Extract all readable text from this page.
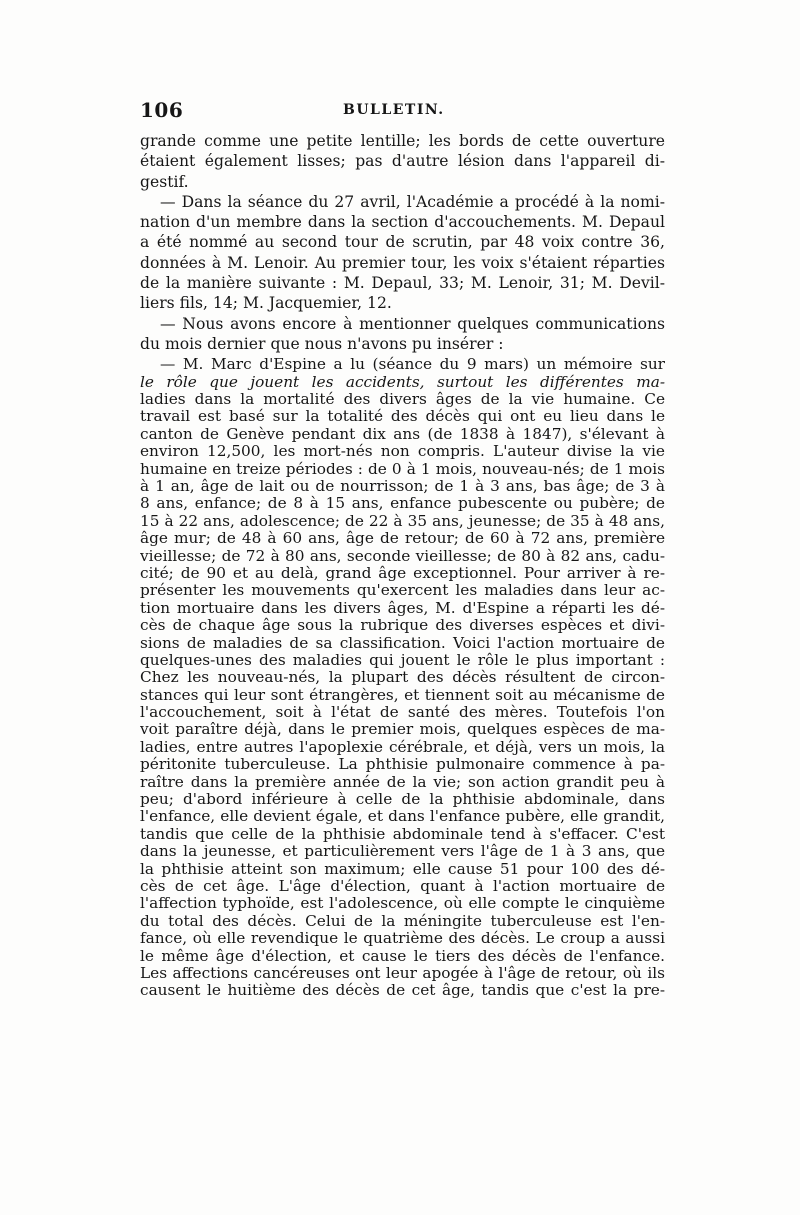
106	BULLETIN.
grande comme une petite lentille; les bords de cette ouverture
étaient également lisses; pas d'autre lésion dans l'appareil di-
gestif.
— Dans la séance du 27 avril, l'Académie a procédé à la nomi-
nation d'un membre dans la section d'accouchements. M. Depaul
a été nommé au second tour de scrutin, par 48 voix contre 36,
données à M. Lenoir. Au premier tour, les voix s'étaient réparties
de la manière suivante : M. Depaul, 33; M. Lenoir, 31; M. Devil-
liers fils, 14; M. Jacquemier, 12.
— Nous avons encore à mentionner quelques communications
du mois dernier que nous n'avons pu insérer :
— M. Marc d'Espine a lu (séance du 9 mars) un mémoire sur
le rôle que jouent les accidents, surtout les différentes ma-
ladies dans la mortalité des divers âges de la vie humaine. Ce
travail est basé sur la totalité des décès qui ont eu lieu dans le
canton de Genève pendant dix ans (de 1838 à 1847), s'élevant à
environ 12,500, les mort-nés non compris. L'auteur divise la vie
humaine en treize périodes : de 0 à 1 mois, nouveau-nés; de 1 mois
à 1 an, âge de lait ou de nourrisson; de 1 à 3 ans, bas âge; de 3 à
8 ans, enfance; de 8 à 15 ans, enfance pubescente ou pubère; de
15 à 22 ans, adolescence; de 22 à 35 ans, jeunesse; de 35 à 48 ans,
âge mur; de 48 à 60 ans, âge de retour; de 60 à 72 ans, première
vieillesse; de 72 à 80 ans, seconde vieillesse; de 80 à 82 ans, cadu-
cité; de 90 et au delà, grand âge exceptionnel. Pour arriver à re-
présenter les mouvements qu'exercent les maladies dans leur ac-
tion mortuaire dans les divers âges, M. d'Espine a réparti les dé-
cès de chaque âge sous la rubrique des diverses espèces et divi-
sions de maladies de sa classification. Voici l'action mortuaire de
quelques-unes des maladies qui jouent le rôle le plus important :
Chez les nouveau-nés, la plupart des décès résultent de circon-
stances qui leur sont étrangères, et tiennent soit au mécanisme de
l'accouchement, soit à l'état de santé des mères. Toutefois l'on
voit paraître déjà, dans le premier mois, quelques espèces de ma-
ladies, entre autres l'apoplexie cérébrale, et déjà, vers un mois, la
péritonite tuberculeuse. La phthisie pulmonaire commence à pa-
raître dans la première année de la vie; son action grandit peu à
peu; d'abord inférieure à celle de la phthisie abdominale, dans
l'enfance, elle devient égale, et dans l'enfance pubère, elle grandit,
tandis que celle de la phthisie abdominale tend à s'effacer. C'est
dans la jeunesse, et particulièrement vers l'âge de 1 à 3 ans, que
la phthisie atteint son maximum; elle cause 51 pour 100 des dé-
cès de cet âge. L'âge d'élection, quant à l'action mortuaire de
l'affection typhoïde, est l'adolescence, où elle compte le cinquième
du total des décès. Celui de la méningite tuberculeuse est l'en-
fance, où elle revendique le quatrième des décès. Le croup a aussi
le même âge d'élection, et cause le tiers des décès de l'enfance.
Les affections cancéreuses ont leur apogée à l'âge de retour, où ils
causent le huitième des décès de cet âge, tandis que c'est la pre-
